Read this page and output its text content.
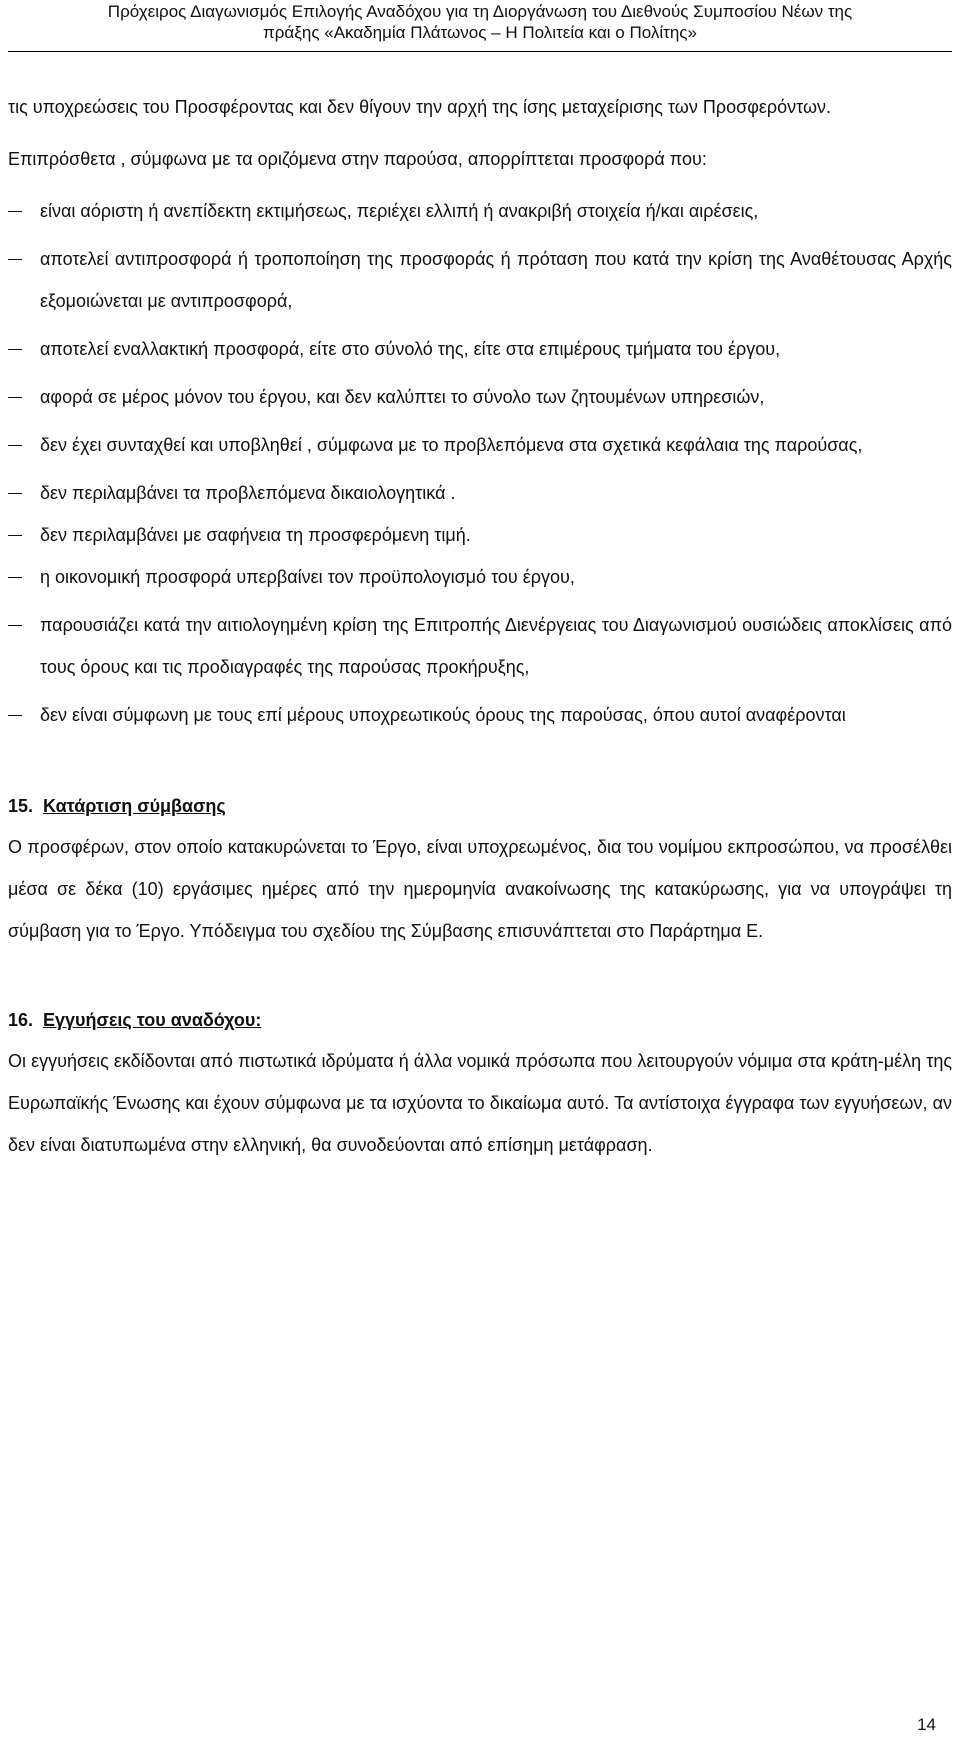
Πρόχειρος Διαγωνισμός Επιλογής Αναδόχου για τη Διοργάνωση του Διεθνούς Συμποσίου Νέων της
πράξης «Ακαδημία Πλάτωνος – Η Πολιτεία και ο Πολίτης»

τις υποχρεώσεις του Προσφέροντας και δεν θίγουν την αρχή της ίσης μεταχείρισης των Προσφερόντων.

Επιπρόσθετα , σύμφωνα με τα οριζόμενα στην παρούσα, απορρίπτεται προσφορά που:

είναι αόριστη ή ανεπίδεκτη εκτιμήσεως, περιέχει ελλιπή ή ανακριβή στοιχεία ή/και αιρέσεις,
αποτελεί αντιπροσφορά ή τροποποίηση της προσφοράς ή πρόταση που κατά την κρίση της Αναθέτουσας Αρχής εξομοιώνεται με αντιπροσφορά,
αποτελεί εναλλακτική προσφορά, είτε στο σύνολό της, είτε στα επιμέρους τμήματα του έργου,
αφορά σε μέρος μόνον του έργου, και δεν καλύπτει το σύνολο των ζητουμένων υπηρεσιών,
δεν έχει συνταχθεί και υποβληθεί , σύμφωνα με το προβλεπόμενα στα σχετικά κεφάλαια της παρούσας,
δεν περιλαμβάνει τα προβλεπόμενα δικαιολογητικά .
δεν περιλαμβάνει με σαφήνεια τη προσφερόμενη τιμή.
η οικονομική προσφορά υπερβαίνει τον προϋπολογισμό του έργου,
παρουσιάζει κατά την αιτιολογημένη κρίση της Επιτροπής Διενέργειας του Διαγωνισμού ουσιώδεις αποκλίσεις από τους όρους και τις προδιαγραφές της παρούσας προκήρυξης,
δεν είναι σύμφωνη με τους επί μέρους υποχρεωτικούς όρους της παρούσας, όπου αυτοί αναφέρονται
15. Κατάρτιση σύμβασης

Ο προσφέρων, στον οποίο κατακυρώνεται το Έργο, είναι υποχρεωμένος, δια του νομίμου εκπροσώπου, να προσέλθει μέσα σε δέκα (10) εργάσιμες ημέρες από την ημερομηνία ανακοίνωσης της κατακύρωσης, για να υπογράψει τη σύμβαση για το Έργο. Υπόδειγμα του σχεδίου της Σύμβασης επισυνάπτεται στο Παράρτημα Ε.

16. Εγγυήσεις του αναδόχου:

Οι εγγυήσεις εκδίδονται από πιστωτικά ιδρύματα ή άλλα νομικά πρόσωπα που λειτουργούν νόμιμα στα κράτη-μέλη της Ευρωπαϊκής Ένωσης και έχουν σύμφωνα με τα ισχύοντα το δικαίωμα αυτό. Τα αντίστοιχα έγγραφα των εγγυήσεων, αν δεν είναι διατυπωμένα στην ελληνική, θα συνοδεύονται από επίσημη μετάφραση.

14
